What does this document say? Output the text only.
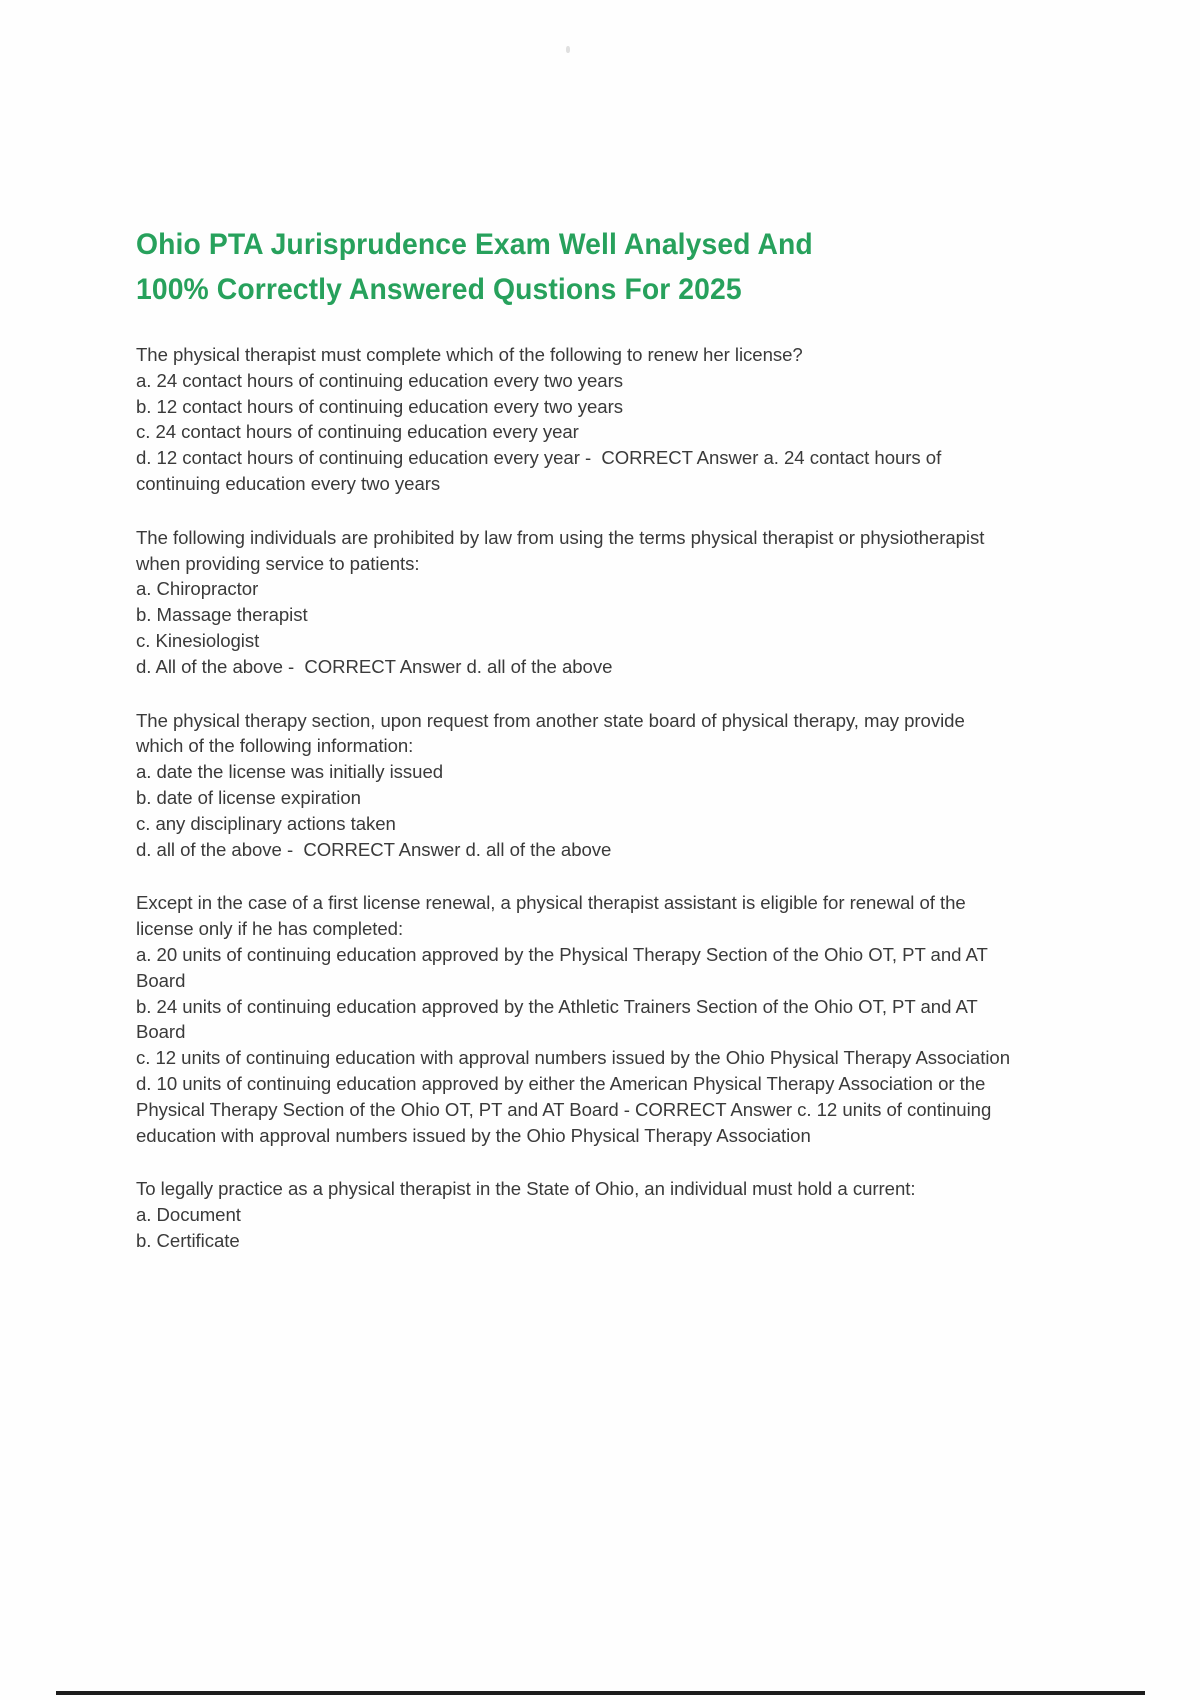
Ohio PTA Jurisprudence Exam Well Analysed And
100% Correctly Answered Qustions For 2025

The physical therapist must complete which of the following to renew her license?

a. 24 contact hours of continuing education every two years

b. 12 contact hours of continuing education every two years

c. 24 contact hours of continuing education every year

d. 12 contact hours of continuing education every year -  CORRECT Answer a. 24 contact hours of continuing education every two years

The following individuals are prohibited by law from using the terms physical therapist or physiotherapist when providing service to patients:

a. Chiropractor

b. Massage therapist

c. Kinesiologist

d. All of the above -  CORRECT Answer d. all of the above

The physical therapy section, upon request from another state board of physical therapy, may provide which of the following information:

a. date the license was initially issued

b. date of license expiration

c. any disciplinary actions taken

d. all of the above -  CORRECT Answer d. all of the above

Except in the case of a first license renewal, a physical therapist assistant is eligible for renewal of the license only if he has completed:

a. 20 units of continuing education approved by the Physical Therapy Section of the Ohio OT, PT and AT Board

b. 24 units of continuing education approved by the Athletic Trainers Section of the Ohio OT, PT and AT Board

c. 12 units of continuing education with approval numbers issued by the Ohio Physical Therapy Association

d. 10 units of continuing education approved by either the American Physical Therapy Association or the Physical Therapy Section of the Ohio OT, PT and AT Board - CORRECT Answer c. 12 units of continuing education with approval numbers issued by the Ohio Physical Therapy Association

To legally practice as a physical therapist in the State of Ohio, an individual must hold a current:

a. Document

b. Certificate
